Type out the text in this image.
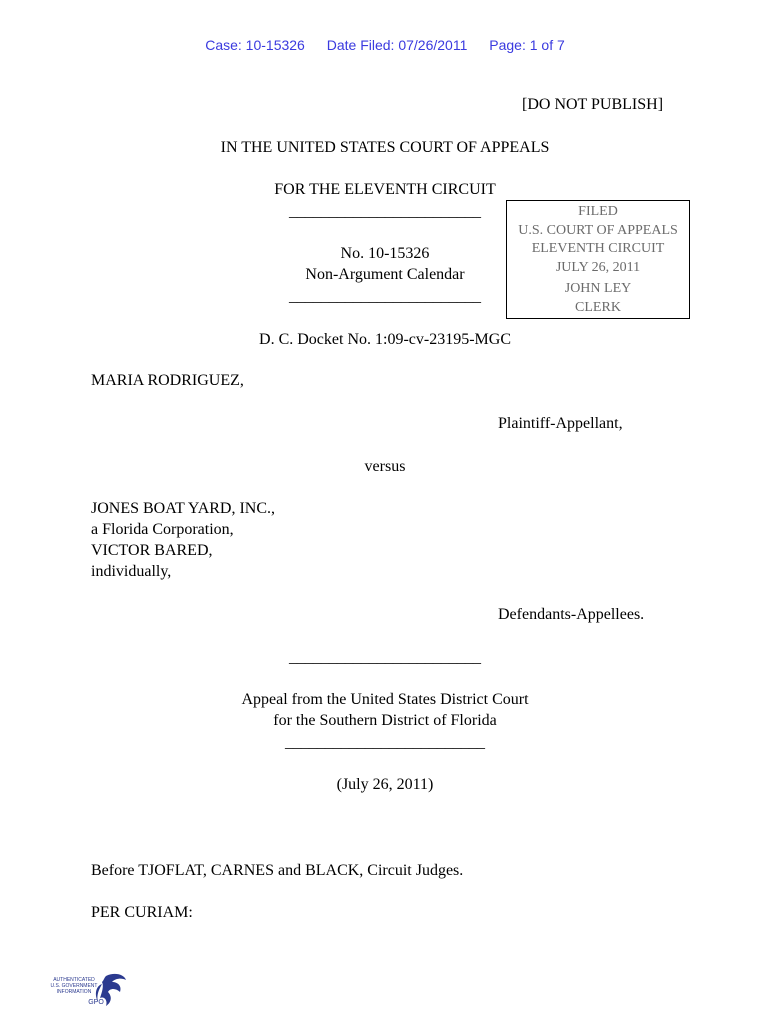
Case: 10-15326 Date Filed: 07/26/2011 Page: 1 of 7
[DO NOT PUBLISH]
IN THE UNITED STATES COURT OF APPEALS
FOR THE ELEVENTH CIRCUIT
________________________
No. 10-15326
Non-Argument Calendar
________________________
FILED
U.S. COURT OF APPEALS
ELEVENTH CIRCUIT
JULY 26, 2011
JOHN LEY
CLERK
D. C. Docket No. 1:09-cv-23195-MGC
MARIA RODRIGUEZ,
Plaintiff-Appellant,
versus
JONES BOAT YARD, INC.,
a Florida Corporation,
VICTOR BARED,
individually,
Defendants-Appellees.
________________________
Appeal from the United States District Court
for the Southern District of Florida
_________________________
(July 26, 2011)
Before TJOFLAT, CARNES and BLACK, Circuit Judges.
PER CURIAM:
AUTHENTICATED
U.S. GOVERNMENT
INFORMATION
GPO
